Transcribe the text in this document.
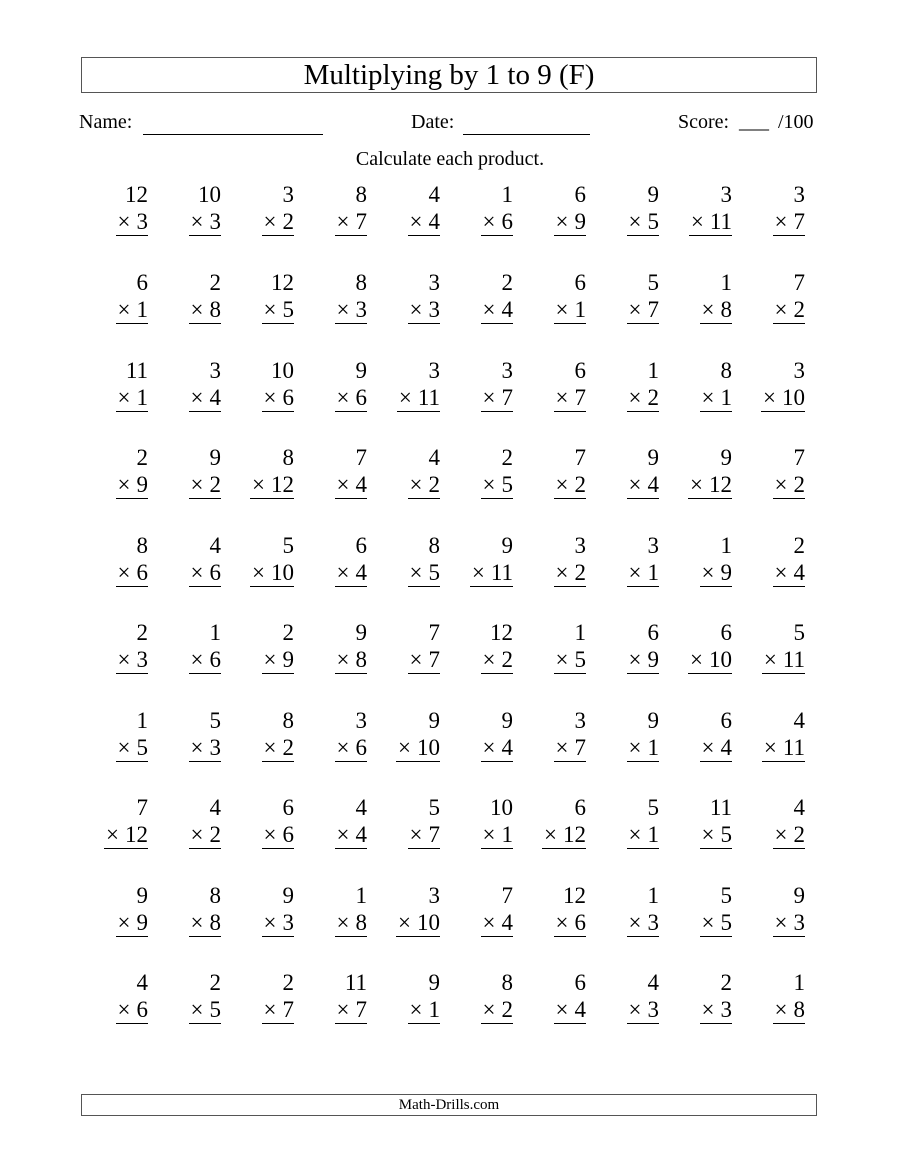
Multiplying by 1 to 9 (F)
Name:	Date:	Score: ___ /100
Calculate each product.
12
× 3
10
× 3
3
× 2
8
× 7
4
× 4
1
× 6
6
× 9
9
× 5
3
× 11
3
× 7
6
× 1
2
× 8
12
× 5
8
× 3
3
× 3
2
× 4
6
× 1
5
× 7
1
× 8
7
× 2
11
× 1
3
× 4
10
× 6
9
× 6
3
× 11
3
× 7
6
× 7
1
× 2
8
× 1
3
× 10
2
× 9
9
× 2
8
× 12
7
× 4
4
× 2
2
× 5
7
× 2
9
× 4
9
× 12
7
× 2
8
× 6
4
× 6
5
× 10
6
× 4
8
× 5
9
× 11
3
× 2
3
× 1
1
× 9
2
× 4
2
× 3
1
× 6
2
× 9
9
× 8
7
× 7
12
× 2
1
× 5
6
× 9
6
× 10
5
× 11
1
× 5
5
× 3
8
× 2
3
× 6
9
× 10
9
× 4
3
× 7
9
× 1
6
× 4
4
× 11
7
× 12
4
× 2
6
× 6
4
× 4
5
× 7
10
× 1
6
× 12
5
× 1
11
× 5
4
× 2
9
× 9
8
× 8
9
× 3
1
× 8
3
× 10
7
× 4
12
× 6
1
× 3
5
× 5
9
× 3
4
× 6
2
× 5
2
× 7
11
× 7
9
× 1
8
× 2
6
× 4
4
× 3
2
× 3
1
× 8
Math-Drills.com
